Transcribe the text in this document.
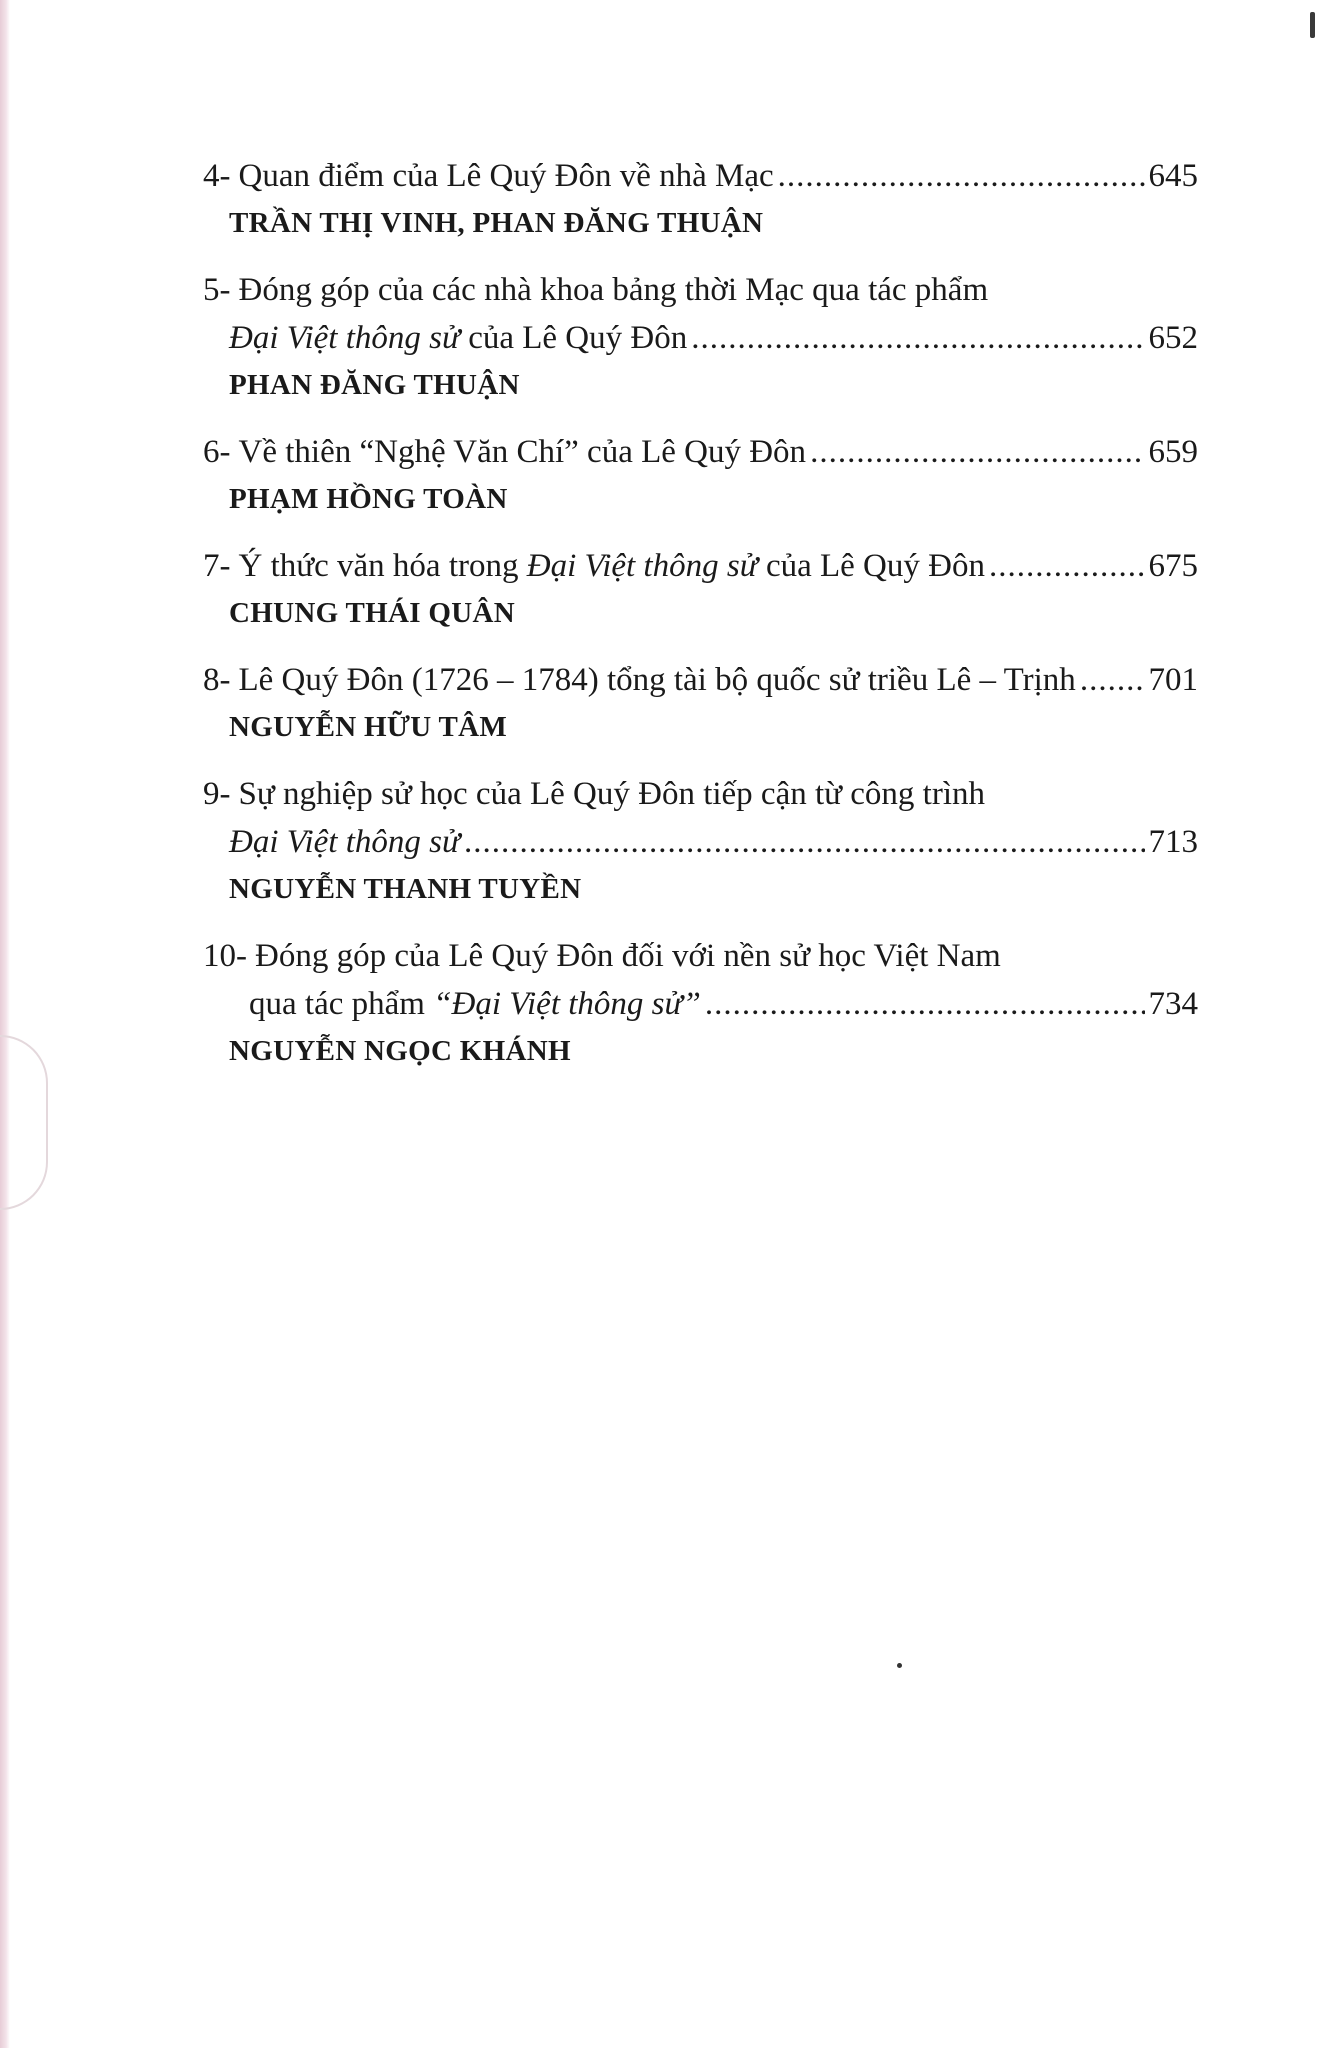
4- Quan điểm của Lê Quý Đôn về nhà Mạc .....	645
TRẦN THỊ VINH, PHAN ĐĂNG THUẬN
5- Đóng góp của các nhà khoa bảng thời Mạc qua tác phẩm
Đại Việt thông sử của Lê Quý Đôn .....	652
PHAN ĐĂNG THUẬN
6- Về thiên “Nghệ Văn Chí” của Lê Quý Đôn .....	659
PHẠM HỒNG TOÀN
7- Ý thức văn hóa trong Đại Việt thông sử của Lê Quý Đôn .....	675
CHUNG THÁI QUÂN
8- Lê Quý Đôn (1726 – 1784) tổng tài bộ quốc sử triều Lê – Trịnh ..... 701
NGUYỄN HỮU TÂM
9- Sự nghiệp sử học của Lê Quý Đôn tiếp cận từ công trình
Đại Việt thông sử .....	713
NGUYỄN THANH TUYỀN
10- Đóng góp của Lê Quý Đôn đối với nền sử học Việt Nam
qua tác phẩm “Đại Việt thông sử” .....	734
NGUYỄN NGỌC KHÁNH
